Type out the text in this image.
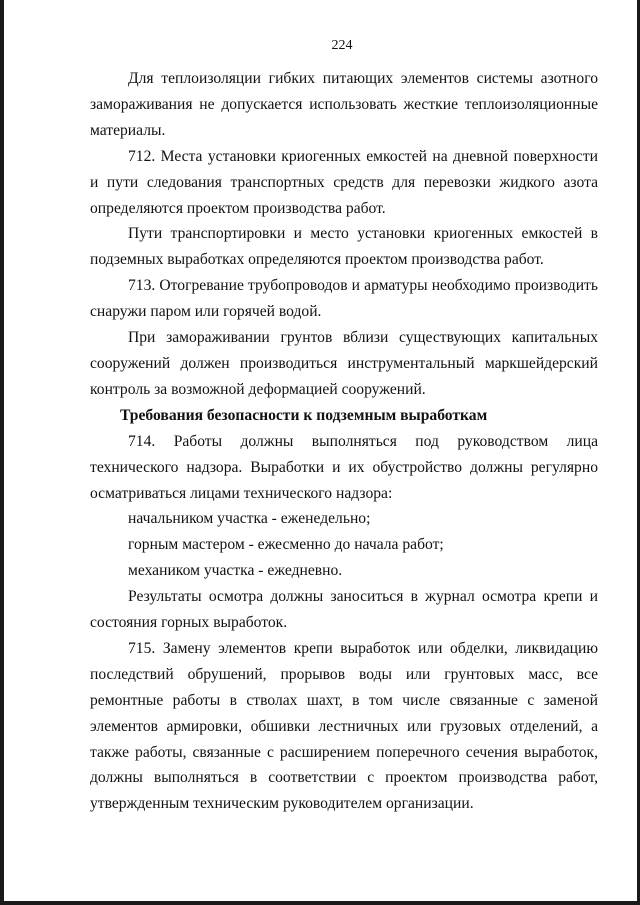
224

Для теплоизоляции гибких питающих элементов системы азотного замораживания не допускается использовать жесткие теплоизоляционные материалы.

712. Места установки криогенных емкостей на дневной поверхности и пути следования транспортных средств для перевозки жидкого азота определяются проектом производства работ.

Пути транспортировки и место установки криогенных емкостей в подземных выработках определяются проектом производства работ.

713. Отогревание трубопроводов и арматуры необходимо производить снаружи паром или горячей водой.

При замораживании грунтов вблизи существующих капитальных сооружений должен производиться инструментальный маркшейдерский контроль за возможной деформацией сооружений.

Требования безопасности к подземным выработкам

714. Работы должны выполняться под руководством лица технического надзора. Выработки и их обустройство должны регулярно осматриваться лицами технического надзора:

начальником участка - еженедельно;

горным мастером - ежесменно до начала работ;

механиком участка - ежедневно.

Результаты осмотра должны заноситься в журнал осмотра крепи и состояния горных выработок.

715. Замену элементов крепи выработок или обделки, ликвидацию последствий обрушений, прорывов воды или грунтовых масс, все ремонтные работы в стволах шахт, в том числе связанные с заменой элементов армировки, обшивки лестничных или грузовых отделений, а также работы, связанные с расширением поперечного сечения выработок, должны выполняться в соответствии с проектом производства работ, утвержденным техническим руководителем организации.
